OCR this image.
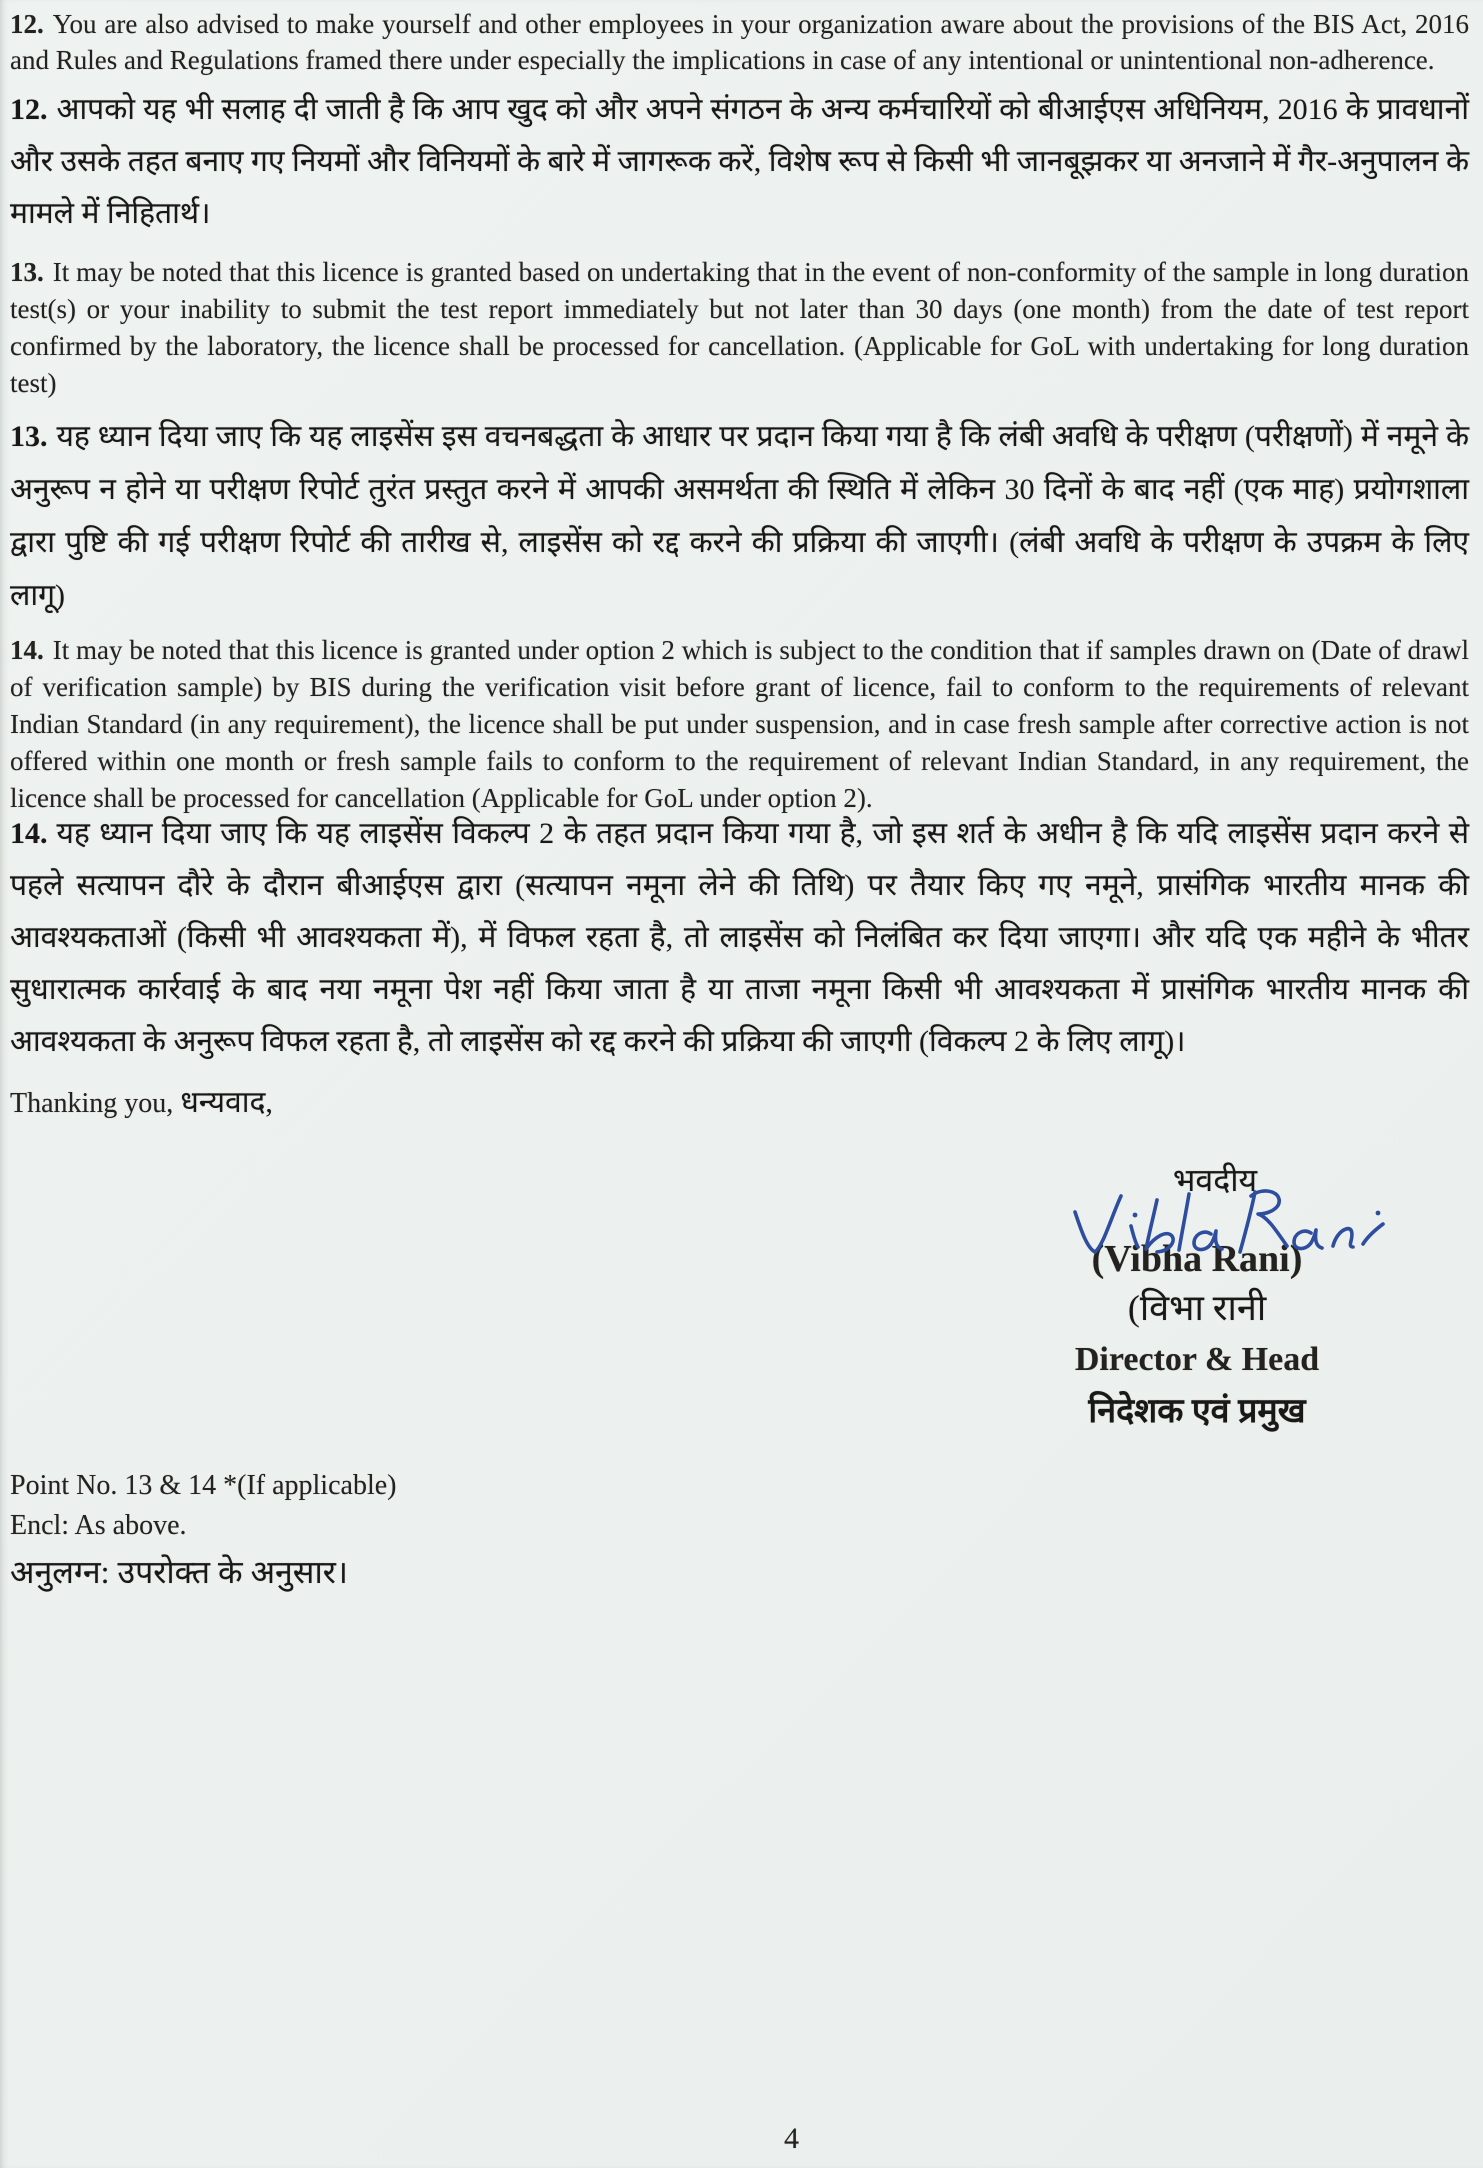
12. You are also advised to make yourself and other employees in your organization aware about the provisions of the BIS Act, 2016 and Rules and Regulations framed there under especially the implications in case of any intentional or unintentional non-adherence.

12. आपको यह भी सलाह दी जाती है कि आप खुद को और अपने संगठन के अन्य कर्मचारियों को बीआईएस अधिनियम, 2016 के प्रावधानों और उसके तहत बनाए गए नियमों और विनियमों के बारे में जागरूक करें, विशेष रूप से किसी भी जानबूझकर या अनजाने में गैर-अनुपालन के मामले में निहितार्थ।

13. It may be noted that this licence is granted based on undertaking that in the event of non-conformity of the sample in long duration test(s) or your inability to submit the test report immediately but not later than 30 days (one month) from the date of test report confirmed by the laboratory, the licence shall be processed for cancellation. (Applicable for GoL with undertaking for long duration test)

13. यह ध्यान दिया जाए कि यह लाइसेंस इस वचनबद्धता के आधार पर प्रदान किया गया है कि लंबी अवधि के परीक्षण (परीक्षणों) में नमूने के अनुरूप न होने या परीक्षण रिपोर्ट तुरंत प्रस्तुत करने में आपकी असमर्थता की स्थिति में लेकिन 30 दिनों के बाद नहीं (एक माह) प्रयोगशाला द्वारा पुष्टि की गई परीक्षण रिपोर्ट की तारीख से, लाइसेंस को रद्द करने की प्रक्रिया की जाएगी। (लंबी अवधि के परीक्षण के उपक्रम के लिए लागू)

14. It may be noted that this licence is granted under option 2 which is subject to the condition that if samples drawn on (Date of drawl of verification sample) by BIS during the verification visit before grant of licence, fail to conform to the requirements of relevant Indian Standard (in any requirement), the licence shall be put under suspension, and in case fresh sample after corrective action is not offered within one month or fresh sample fails to conform to the requirement of relevant Indian Standard, in any requirement, the licence shall be processed for cancellation (Applicable for GoL under option 2).

14. यह ध्यान दिया जाए कि यह लाइसेंस विकल्प 2 के तहत प्रदान किया गया है, जो इस शर्त के अधीन है कि यदि लाइसेंस प्रदान करने से पहले सत्यापन दौरे के दौरान बीआईएस द्वारा (सत्यापन नमूना लेने की तिथि) पर तैयार किए गए नमूने, प्रासंगिक भारतीय मानक की आवश्यकताओं (किसी भी आवश्यकता में), में विफल रहता है, तो लाइसेंस को निलंबित कर दिया जाएगा। और यदि एक महीने के भीतर सुधारात्मक कार्रवाई के बाद नया नमूना पेश नहीं किया जाता है या ताजा नमूना किसी भी आवश्यकता में प्रासंगिक भारतीय मानक की आवश्यकता के अनुरूप विफल रहता है, तो लाइसेंस को रद्द करने की प्रक्रिया की जाएगी (विकल्प 2 के लिए लागू)।

Thanking you, धन्यवाद,

भवदीय
(Vibha Rani)
(विभा रानी
Director & Head
निदेशक एवं प्रमुख
Point No. 13 & 14 *(If applicable)
Encl: As above.
अनुलग्न: उपरोक्त के अनुसार।
4
